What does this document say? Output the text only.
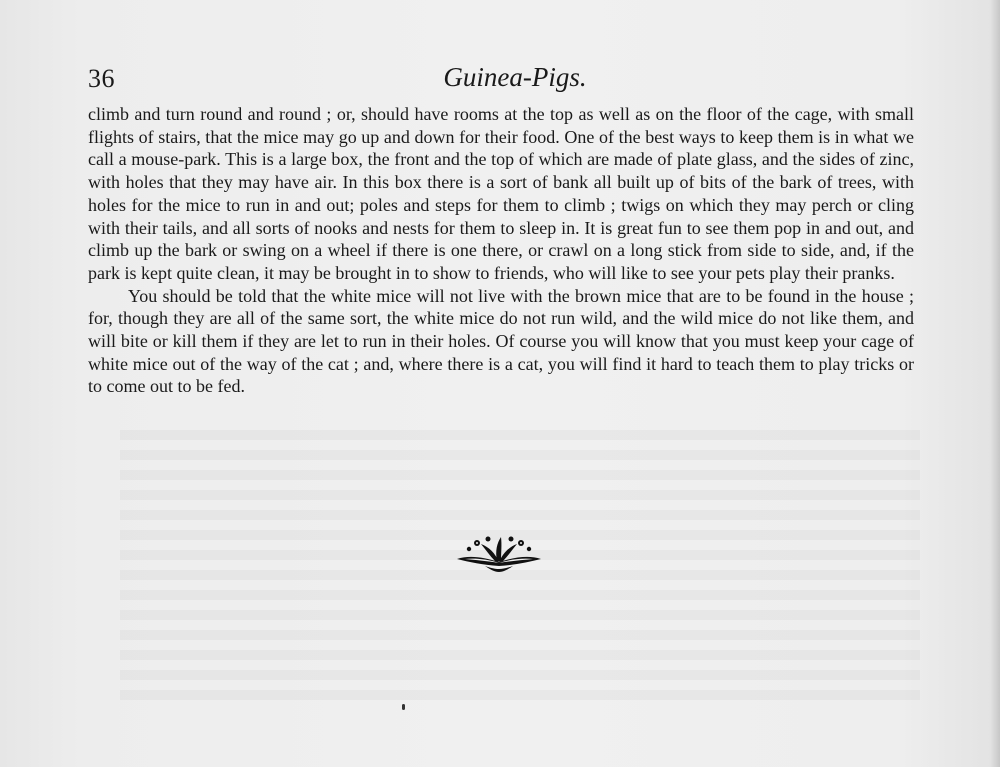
36	Guinea-Pigs.

climb and turn round and round ; or, should have rooms at the top as well as on the floor of the cage, with small flights of stairs, that the mice may go up and down for their food. One of the best ways to keep them is in what we call a mouse-park. This is a large box, the front and the top of which are made of plate glass, and the sides of zinc, with holes that they may have air. In this box there is a sort of bank all built up of bits of the bark of trees, with holes for the mice to run in and out; poles and steps for them to climb ; twigs on which they may perch or cling with their tails, and all sorts of nooks and nests for them to sleep in. It is great fun to see them pop in and out, and climb up the bark or swing on a wheel if there is one there, or crawl on a long stick from side to side, and, if the park is kept quite clean, it may be brought in to show to friends, who will like to see your pets play their pranks.

You should be told that the white mice will not live with the brown mice that are to be found in the house ; for, though they are all of the same sort, the white mice do not run wild, and the wild mice do not like them, and will bite or kill them if they are let to run in their holes. Of course you will know that you must keep your cage of white mice out of the way of the cat ; and, where there is a cat, you will find it hard to teach them to play tricks or to come out to be fed.
